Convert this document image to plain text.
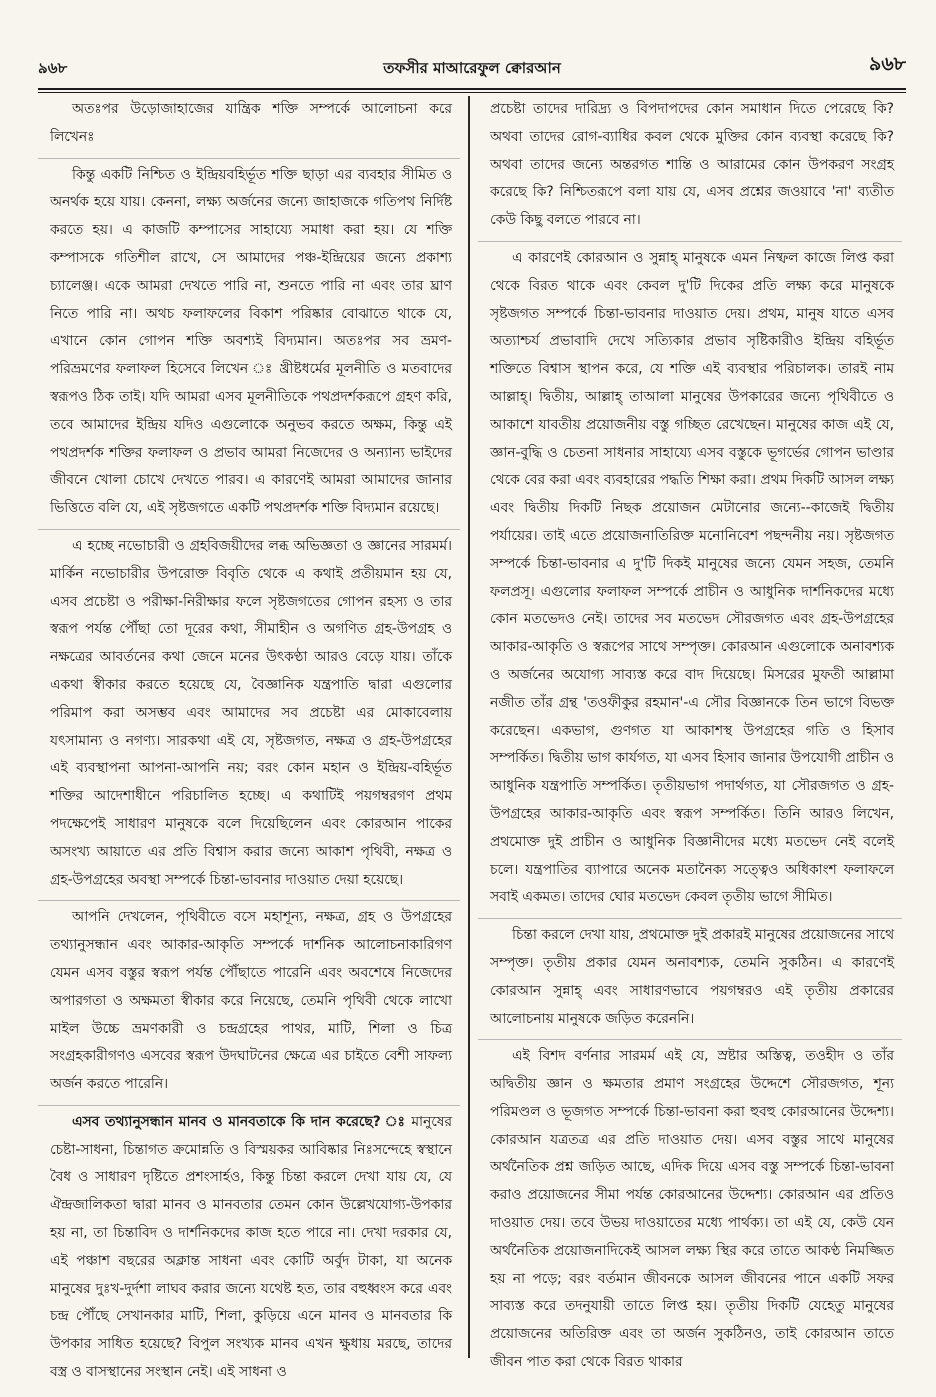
৯৬৮	তফসীর মাআরেফুল ক্বোরআন	৯৬৮

অতঃপর উড়োজাহাজের যান্ত্রিক শক্তি সম্পর্কে আলোচনা করে লিখেনঃ

কিন্তু একটি নিশ্চিত ও ইন্দ্রিয়বহির্ভূত শক্তি ছাড়া এর ব্যবহার সীমিত ও অনর্থক হয়ে যায়। কেননা, লক্ষ্য অর্জনের জন্যে জাহাজকে গতিপথ নির্দিষ্ট করতে হয়। এ কাজটি কম্পাসের সাহায্যে সমাধা করা হয়। যে শক্তি কম্পাসকে গতিশীল রাখে, সে আমাদের পঞ্চ-ইন্দ্রিয়ের জন্যে প্রকাশ্য চ্যালেঞ্জ। একে আমরা দেখতে পারি না, শুনতে পারি না এবং তার ঘ্রাণ নিতে পারি না। অথচ ফলাফলের বিকাশ পরিষ্কার বোঝাতে থাকে যে, এখানে কোন গোপন শক্তি অবশ্যই বিদ্যমান। অতঃপর সব ভ্রমণ-পরিভ্রমণের ফলাফল হিসেবে লিখেন ঃ খ্রীষ্টধর্মের মূলনীতি ও মতবাদের স্বরূপও ঠিক তাই। যদি আমরা এসব মূলনীতিকে পথপ্রদর্শকরূপে গ্রহণ করি, তবে আমাদের ইন্দ্রিয় যদিও এগুলোকে অনুভব করতে অক্ষম, কিন্তু এই পথপ্রদর্শক শক্তির ফলাফল ও প্রভাব আমরা নিজেদের ও অন্যান্য ভাইদের জীবনে খোলা চোখে দেখতে পারব। এ কারণেই আমরা আমাদের জানার ভিত্তিতে বলি যে, এই সৃষ্টজগতে একটি পথপ্রদর্শক শক্তি বিদ্যমান রয়েছে।

এ হচ্ছে নভোচারী ও গ্রহবিজয়ীদের লব্ধ অভিজ্ঞতা ও জ্ঞানের সারমর্ম। মার্কিন নভোচারীর উপরোক্ত বিবৃতি থেকে এ কথাই প্রতীয়মান হয় যে, এসব প্রচেষ্টা ও পরীক্ষা-নিরীক্ষার ফলে সৃষ্টজগতের গোপন রহস্য ও তার স্বরূপ পর্যন্ত পৌঁছা তো দূরের কথা, সীমাহীন ও অগণিত গ্রহ-উপগ্রহ ও নক্ষত্রের আবর্তনের কথা জেনে মনের উৎকণ্ঠা আরও বেড়ে যায়। তাঁকে একথা স্বীকার করতে হয়েছে যে, বৈজ্ঞানিক যন্ত্রপাতি দ্বারা এগুলোর পরিমাপ করা অসম্ভব এবং আমাদের সব প্রচেষ্টা এর মোকাবেলায় যৎসামান্য ও নগণ্য। সারকথা এই যে, সৃষ্টজগত, নক্ষত্র ও গ্রহ-উপগ্রহের এই ব্যবস্থাপনা আপনা-আপনি নয়; বরং কোন মহান ও ইন্দ্রিয়-বহির্ভূত শক্তির আদেশাধীনে পরিচালিত হচ্ছে। এ কথাটিই পয়গম্বরগণ প্রথম পদক্ষেপেই সাধারণ মানুষকে বলে দিয়েছিলেন এবং কোরআন পাকের অসংখ্য আয়াতে এর প্রতি বিশ্বাস করার জন্যে আকাশ পৃথিবী, নক্ষত্র ও গ্রহ-উপগ্রহের অবস্থা সম্পর্কে চিন্তা-ভাবনার দাওয়াত দেয়া হয়েছে।

আপনি দেখলেন, পৃথিবীতে বসে মহাশূন্য, নক্ষত্র, গ্রহ ও উপগ্রহের তথ্যানুসন্ধান এবং আকার-আকৃতি সম্পর্কে দার্শনিক আলোচনাকারিগণ যেমন এসব বস্তুর স্বরূপ পর্যন্ত পৌঁছাতে পারেনি এবং অবশেষে নিজেদের অপারগতা ও অক্ষমতা স্বীকার করে নিয়েছে, তেমনি পৃথিবী থেকে লাখো মাইল উচ্চে ভ্রমণকারী ও চন্দ্রগ্রহের পাথর, মাটি, শিলা ও চিত্র সংগ্রহকারীগণও এসবের স্বরূপ উদঘাটনের ক্ষেত্রে এর চাইতে বেশী সাফল্য অর্জন করতে পারেনি।

এসব তথ্যানুসন্ধান মানব ও মানবতাকে কি দান করেছে? ঃ মানুষের চেষ্টা-সাধনা, চিন্তাগত ক্রমোন্নতি ও বিস্ময়কর আবিষ্কার নিঃসন্দেহে স্বস্থানে বৈধ ও সাধারণ দৃষ্টিতে প্রশংসার্হও, কিন্তু চিন্তা করলে দেখা যায় যে, যে ঐন্দ্রজালিকতা দ্বারা মানব ও মানবতার তেমন কোন উল্লেখযোগ্য-উপকার হয় না, তা চিন্তাবিদ ও দার্শনিকদের কাজ হতে পারে না। দেখা দরকার যে, এই পঞ্চাশ বছরের অক্লান্ত সাধনা এবং কোটি অর্বুদ টাকা, যা অনেক মানুষের দুঃখ-দুর্দশা লাঘব করার জন্যে যথেষ্ট হত, তার বহুধ্বংস করে এবং চন্দ্র পৌঁছে সেখানকার মাটি, শিলা, কুড়িয়ে এনে মানব ও মানবতার কি উপকার সাধিত হয়েছে? বিপুল সংখ্যক মানব এখন ক্ষুধায় মরছে, তাদের বস্ত্র ও বাসস্থানের সংস্থান নেই। এই সাধনা ও

প্রচেষ্টা তাদের দারিদ্র্য ও বিপদাপদের কোন সমাধান দিতে পেরেছে কি? অথবা তাদের রোগ-ব্যাধির কবল থেকে মুক্তির কোন ব্যবস্থা করেছে কি? অথবা তাদের জন্যে অন্তরগত শান্তি ও আরামের কোন উপকরণ সংগ্রহ করেছে কি? নিশ্চিতরূপে বলা যায় যে, এসব প্রশ্নের জওয়াবে 'না' ব্যতীত কেউ কিছু বলতে পারবে না।

এ কারণেই কোরআন ও সুন্নাহ্ মানুষকে এমন নিষ্ফল কাজে লিপ্ত করা থেকে বিরত থাকে এবং কেবল দু'টি দিকের প্রতি লক্ষ্য করে মানুষকে সৃষ্টজগত সম্পর্কে চিন্তা-ভাবনার দাওয়াত দেয়। প্রথম, মানুষ যাতে এসব অত্যাশ্চর্য প্রভাবাদি দেখে সত্যিকার প্রভাব সৃষ্টিকারীও ইন্দ্রিয় বহির্ভূত শক্তিতে বিশ্বাস স্থাপন করে, যে শক্তি এই ব্যবস্থার পরিচালক। তারই নাম আল্লাহ্। দ্বিতীয়, আল্লাহ্ তাআলা মানুষের উপকারের জন্যে পৃথিবীতে ও আকাশে যাবতীয় প্রয়োজনীয় বস্তু গচ্ছিত রেখেছেন। মানুষের কাজ এই যে, জ্ঞান-বুদ্ধি ও চেতনা সাধনার সাহায্যে এসব বস্তুকে ভূগর্ভের গোপন ভাণ্ডার থেকে বের করা এবং ব্যবহারের পদ্ধতি শিক্ষা করা। প্রথম দিকটি আসল লক্ষ্য এবং দ্বিতীয় দিকটি নিছক প্রয়োজন মেটানোর জন্যে--কাজেই দ্বিতীয় পর্যায়ের। তাই এতে প্রয়োজনাতিরিক্ত মনোনিবেশ পছন্দনীয় নয়। সৃষ্টজগত সম্পর্কে চিন্তা-ভাবনার এ দু'টি দিকই মানুষের জন্যে যেমন সহজ, তেমনি ফলপ্রসূ। এগুলোর ফলাফল সম্পর্কে প্রাচীন ও আধুনিক দার্শনিকদের মধ্যে কোন মতভেদও নেই। তাদের সব মতভেদ সৌরজগত এবং গ্রহ-উপগ্রহের আকার-আকৃতি ও স্বরূপের সাথে সম্পৃক্ত। কোরআন এগুলোকে অনাবশ্যক ও অর্জনের অযোগ্য সাব্যস্ত করে বাদ দিয়েছে। মিসরের মুফতী আল্লামা নজীত তাঁর গ্রন্থ 'তওফীকুর রহমান'-এ সৌর বিজ্ঞানকে তিন ভাগে বিভক্ত করেছেন। একভাগ, গুণগত যা আকাশস্থ উপগ্রহের গতি ও হিসাব সম্পর্কিত। দ্বিতীয় ভাগ কার্যগত, যা এসব হিসাব জানার উপযোগী প্রাচীন ও আধুনিক যন্ত্রপাতি সম্পর্কিত। তৃতীয়ভাগ পদার্থগত, যা সৌরজগত ও গ্রহ-উপগ্রহের আকার-আকৃতি এবং স্বরূপ সম্পর্কিত। তিনি আরও লিখেন, প্রথমোক্ত দুই প্রাচীন ও আধুনিক বিজ্ঞানীদের মধ্যে মতভেদ নেই বলেই চলে। যন্ত্রপাতির ব্যাপারে অনেক মতানৈক্য সত্ত্বেও অধিকাংশ ফলাফলে সবাই একমত। তাদের ঘোর মতভেদ কেবল তৃতীয় ভাগে সীমিত।

চিন্তা করলে দেখা যায়, প্রথমোক্ত দুই প্রকারই মানুষের প্রয়োজনের সাথে সম্পৃক্ত। তৃতীয় প্রকার যেমন অনাবশ্যক, তেমনি সুকঠিন। এ কারণেই কোরআন সুন্নাহ্ এবং সাধারণভাবে পয়গম্বরও এই তৃতীয় প্রকারের আলোচনায় মানুষকে জড়িত করেননি।

এই বিশদ বর্ণনার সারমর্ম এই যে, স্রষ্টার অস্তিত্ব, তওহীদ ও তাঁর অদ্বিতীয় জ্ঞান ও ক্ষমতার প্রমাণ সংগ্রহের উদ্দেশে সৌরজগত, শূন্য পরিমণ্ডল ও ভূজগত সম্পর্কে চিন্তা-ভাবনা করা হুবহু কোরআনের উদ্দেশ্য। কোরআন যত্রতত্র এর প্রতি দাওয়াত দেয়। এসব বস্তুর সাথে মানুষের অর্থনৈতিক প্রশ্ন জড়িত আছে, এদিক দিয়ে এসব বস্তু সম্পর্কে চিন্তা-ভাবনা করাও প্রয়োজনের সীমা পর্যন্ত কোরআনের উদ্দেশ্য। কোরআন এর প্রতিও দাওয়াত দেয়। তবে উভয় দাওয়াতের মধ্যে পার্থক্য। তা এই যে, কেউ যেন অর্থনৈতিক প্রয়োজনাদিকেই আসল লক্ষ্য স্থির করে তাতে আকণ্ঠ নিমজ্জিত হয় না পড়ে; বরং বর্তমান জীবনকে আসল জীবনের পানে একটি সফর সাব্যস্ত করে তদনুযায়ী তাতে লিপ্ত হয়। তৃতীয় দিকটি যেহেতু মানুষের প্রয়োজনের অতিরিক্ত এবং তা অর্জন সুকঠিনও, তাই কোরআন তাতে জীবন পাত করা থেকে বিরত থাকার
